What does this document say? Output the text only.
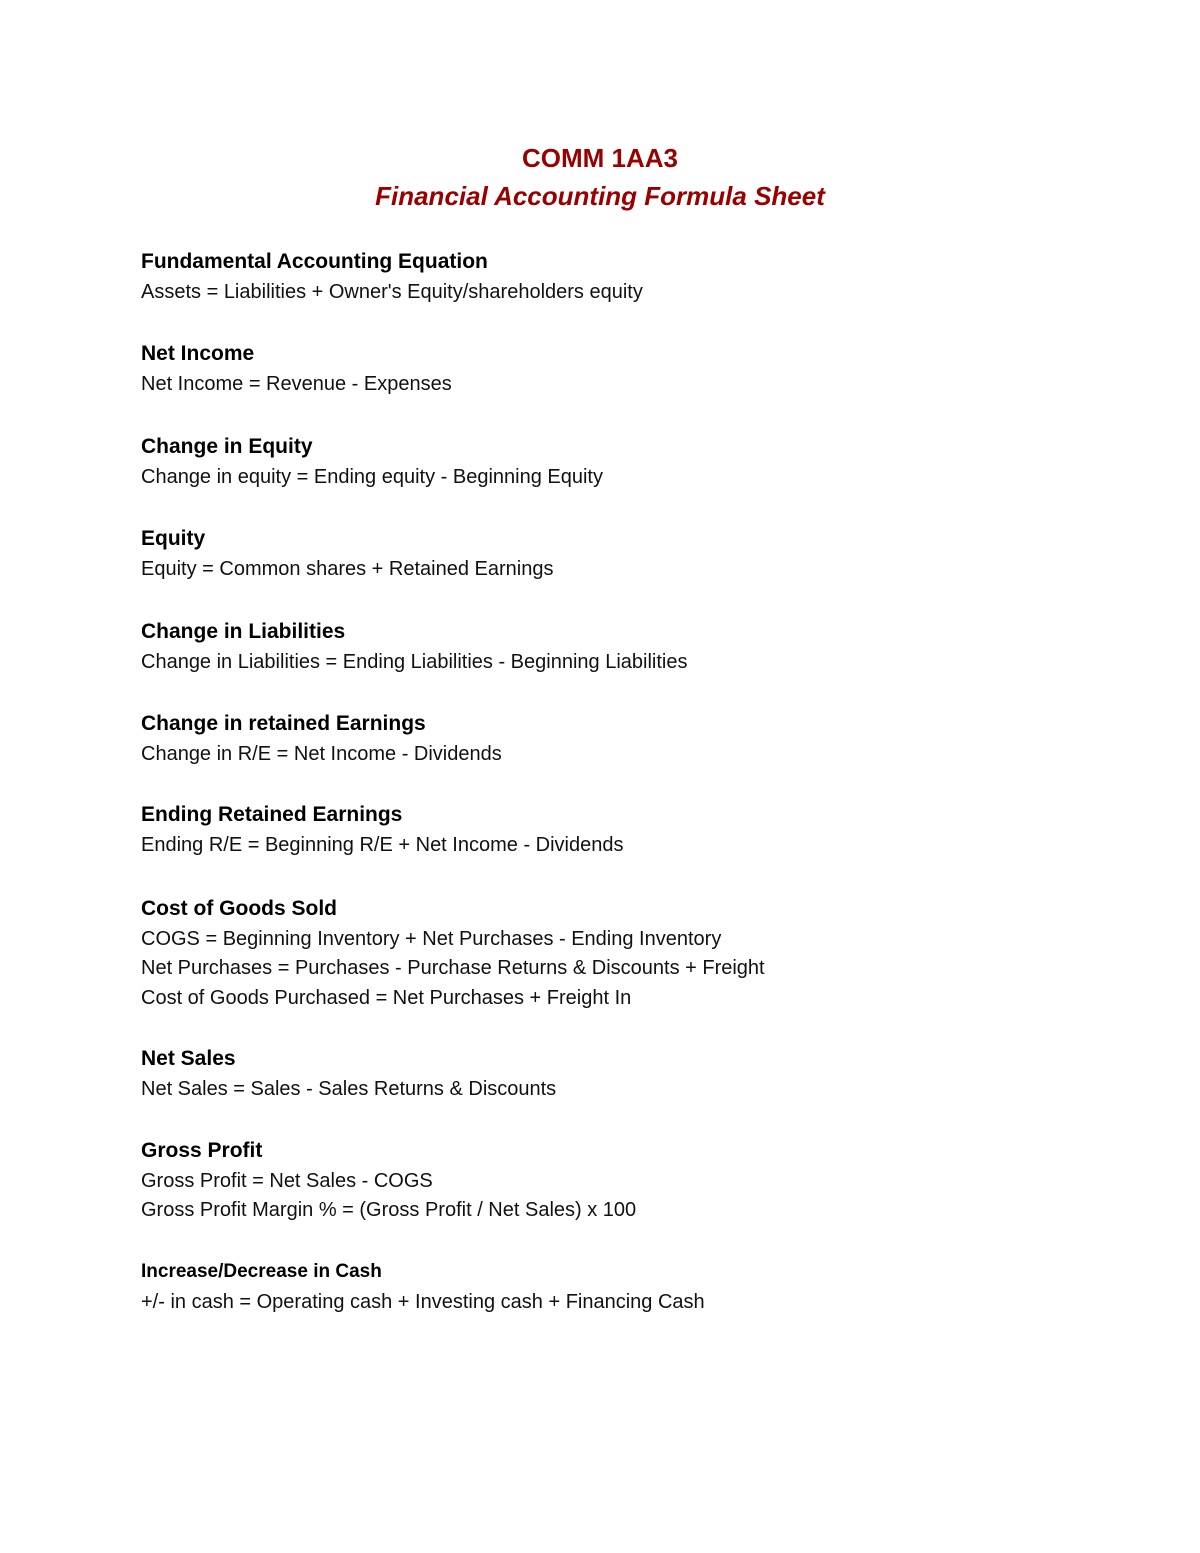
COMM 1AA3

Financial Accounting Formula Sheet

Fundamental Accounting Equation

Assets = Liabilities + Owner's Equity/shareholders equity

Net Income

Net Income = Revenue - Expenses

Change in Equity

Change in equity = Ending equity - Beginning Equity

Equity

Equity = Common shares + Retained Earnings

Change in Liabilities

Change in Liabilities = Ending Liabilities - Beginning Liabilities

Change in retained Earnings

Change in R/E = Net Income - Dividends

Ending Retained Earnings

Ending R/E = Beginning R/E + Net Income - Dividends

Cost of Goods Sold

COGS = Beginning Inventory + Net Purchases - Ending Inventory

Net Purchases = Purchases - Purchase Returns & Discounts + Freight

Cost of Goods Purchased = Net Purchases + Freight In

Net Sales

Net Sales = Sales - Sales Returns & Discounts

Gross Profit

Gross Profit = Net Sales - COGS

Gross Profit Margin % = (Gross Profit / Net Sales) x 100

Increase/Decrease in Cash

+/- in cash = Operating cash + Investing cash + Financing Cash
